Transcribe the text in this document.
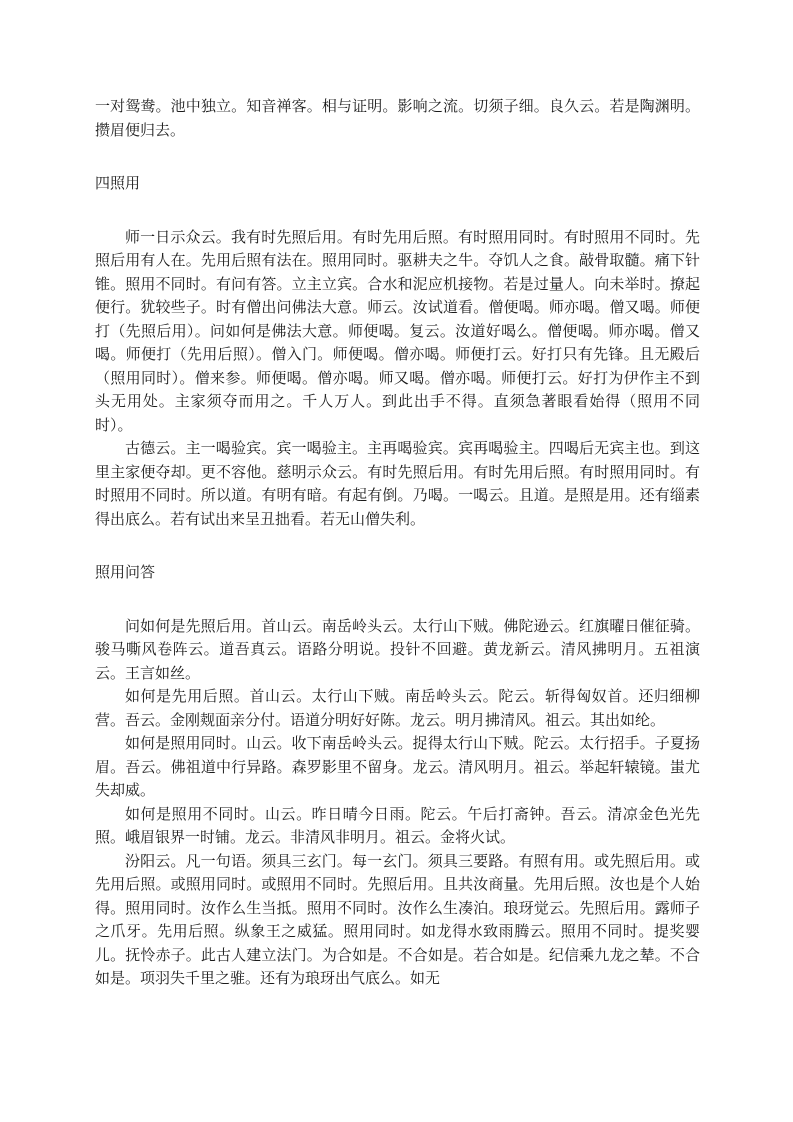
一对鸳鸯。池中独立。知音禅客。相与证明。影响之流。切须子细。良久云。若是陶渊明。攒眉便归去。

四照用

师一日示众云。我有时先照后用。有时先用后照。有时照用同时。有时照用不同时。先照后用有人在。先用后照有法在。照用同时。驱耕夫之牛。夺饥人之食。敲骨取髓。痛下针锥。照用不同时。有问有答。立主立宾。合水和泥应机接物。若是过量人。向未举时。撩起便行。犹较些子。时有僧出问佛法大意。师云。汝试道看。僧便喝。师亦喝。僧又喝。师便打（先照后用）。问如何是佛法大意。师便喝。复云。汝道好喝么。僧便喝。师亦喝。僧又喝。师便打（先用后照）。僧入门。师便喝。僧亦喝。师便打云。好打只有先锋。且无殿后（照用同时）。僧来参。师便喝。僧亦喝。师又喝。僧亦喝。师便打云。好打为伊作主不到头无用处。主家须夺而用之。千人万人。到此出手不得。直须急著眼看始得（照用不同时）。

古德云。主一喝验宾。宾一喝验主。主再喝验宾。宾再喝验主。四喝后无宾主也。到这里主家便夺却。更不容他。慈明示众云。有时先照后用。有时先用后照。有时照用同时。有时照用不同时。所以道。有明有暗。有起有倒。乃喝。一喝云。且道。是照是用。还有缁素得出底么。若有试出来呈丑拙看。若无山僧失利。

照用问答

问如何是先照后用。首山云。南岳岭头云。太行山下贼。佛陀逊云。红旗曜日催征骑。骏马嘶风卷阵云。道吾真云。语路分明说。投针不回避。黄龙新云。清风拂明月。五祖演云。王言如丝。

如何是先用后照。首山云。太行山下贼。南岳岭头云。陀云。斩得匈奴首。还归细柳营。吾云。金刚觌面亲分付。语道分明好好陈。龙云。明月拂清风。祖云。其出如纶。

如何是照用同时。山云。收下南岳岭头云。捉得太行山下贼。陀云。太行招手。子夏扬眉。吾云。佛祖道中行异路。森罗影里不留身。龙云。清风明月。祖云。举起轩辕镜。蚩尤失却威。

如何是照用不同时。山云。昨日晴今日雨。陀云。午后打斋钟。吾云。清凉金色光先照。峨眉银界一时铺。龙云。非清风非明月。祖云。金将火试。

汾阳云。凡一句语。须具三玄门。每一玄门。须具三要路。有照有用。或先照后用。或先用后照。或照用同时。或照用不同时。先照后用。且共汝商量。先用后照。汝也是个人始得。照用同时。汝作么生当抵。照用不同时。汝作么生凑泊。琅玡觉云。先照后用。露师子之爪牙。先用后照。纵象王之威猛。照用同时。如龙得水致雨腾云。照用不同时。提奖婴儿。抚怜赤子。此古人建立法门。为合如是。不合如是。若合如是。纪信乘九龙之辇。不合如是。项羽失千里之骓。还有为琅玡出气底么。如无
